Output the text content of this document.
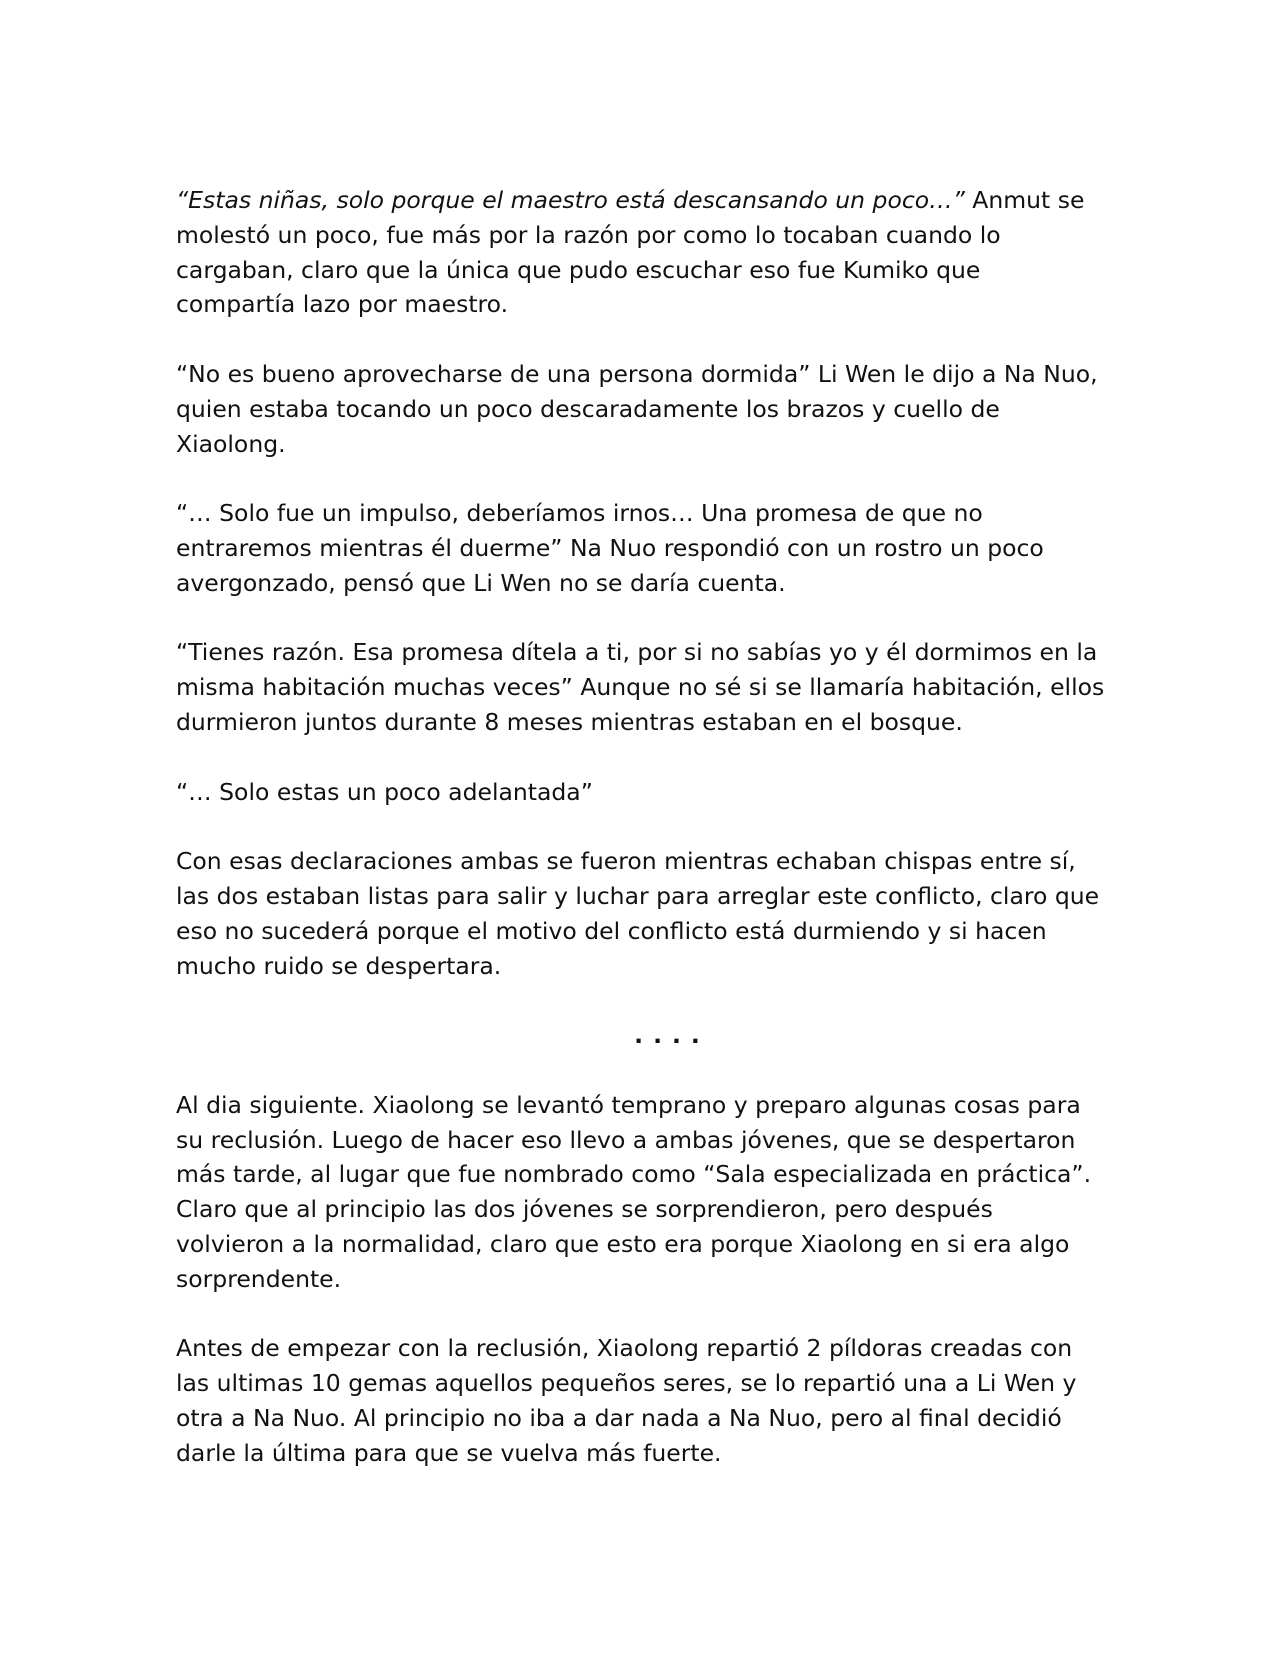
“Estas niñas, solo porque el maestro está descansando un poco…” Anmut se molestó un poco, fue más por la razón por como lo tocaban cuando lo cargaban, claro que la única que pudo escuchar eso fue Kumiko que compartía lazo por maestro.

“No es bueno aprovecharse de una persona dormida” Li Wen le dijo a Na Nuo, quien estaba tocando un poco descaradamente los brazos y cuello de Xiaolong.

“… Solo fue un impulso, deberíamos irnos… Una promesa de que no entraremos mientras él duerme” Na Nuo respondió con un rostro un poco avergonzado, pensó que Li Wen no se daría cuenta.

“Tienes razón. Esa promesa dítela a ti, por si no sabías yo y él dormimos en la misma habitación muchas veces” Aunque no sé si se llamaría habitación, ellos durmieron juntos durante 8 meses mientras estaban en el bosque.

“… Solo estas un poco adelantada”

Con esas declaraciones ambas se fueron mientras echaban chispas entre sí, las dos estaban listas para salir y luchar para arreglar este conflicto, claro que eso no sucederá porque el motivo del conflicto está durmiendo y si hacen mucho ruido se despertara.

....

Al dia siguiente. Xiaolong se levantó temprano y preparo algunas cosas para su reclusión. Luego de hacer eso llevo a ambas jóvenes, que se despertaron más tarde, al lugar que fue nombrado como “Sala especializada en práctica”. Claro que al principio las dos jóvenes se sorprendieron, pero después volvieron a la normalidad, claro que esto era porque Xiaolong en si era algo sorprendente.

Antes de empezar con la reclusión, Xiaolong repartió 2 píldoras creadas con las ultimas 10 gemas aquellos pequeños seres, se lo repartió una a Li Wen y otra a Na Nuo. Al principio no iba a dar nada a Na Nuo, pero al final decidió darle la última para que se vuelva más fuerte.
